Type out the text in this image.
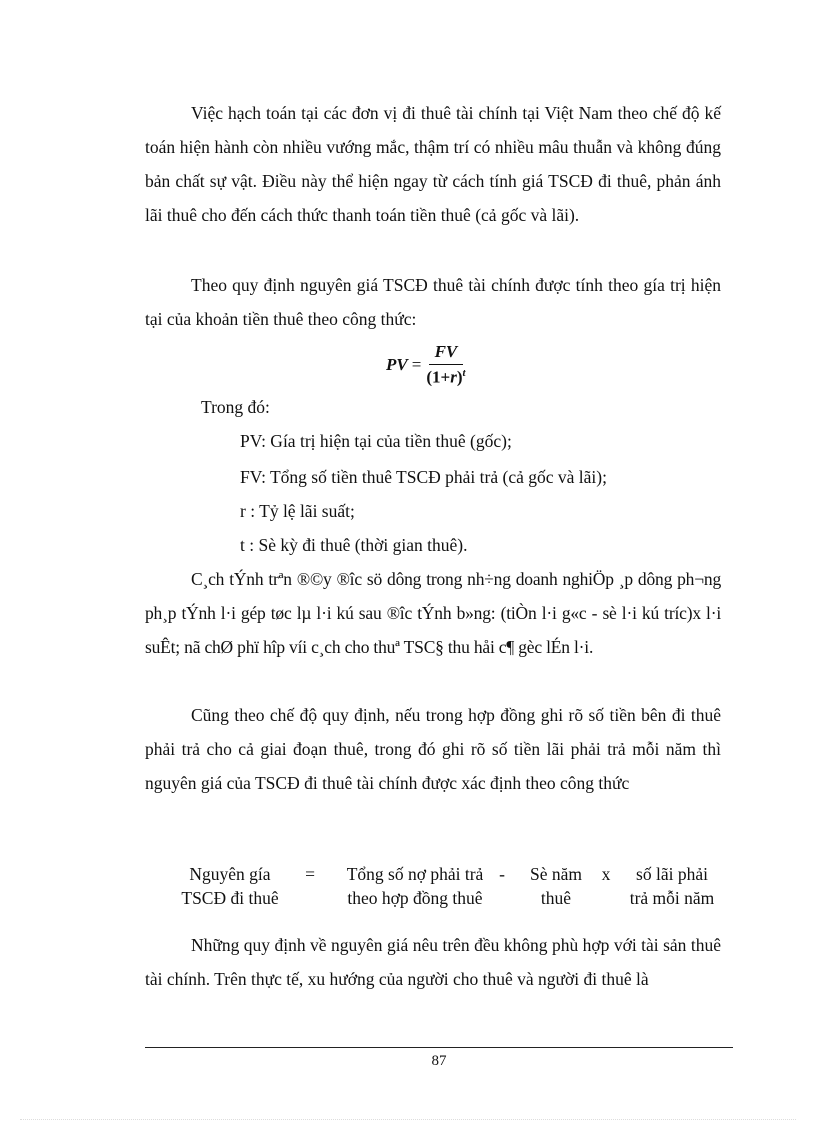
Việc hạch toán tại các đơn vị đi thuê tài chính tại Việt Nam theo chế độ kế toán hiện hành còn nhiều vướng mắc, thậm trí có nhiều mâu thuẫn và không đúng bản chất sự vật. Điều này thể hiện ngay từ cách tính giá TSCĐ đi thuê, phản ánh lãi thuê cho đến cách thức thanh toán tiền thuê (cả gốc và lãi).

Theo quy định nguyên giá TSCĐ thuê tài chính được tính theo gía trị hiện tại của khoản tiền thuê theo công thức:

PV = $\frac{FV}{(1+r)^t}$

Trong đó:

PV: Gía trị hiện tại của tiền thuê (gốc);

FV: Tổng số tiền thuê TSCĐ phải trả (cả gốc và lãi);

r : Tỷ lệ lãi suất;

t : Sè kỳ đi thuê (thời gian thuê).

C¸ch tÝnh trªn ®©y ®îc sö dông trong nh÷ng doanh nghiÖp ¸p dông ph¬ng ph¸p tÝnh l·i gép tøc lµ l·i kú sau ®îc tÝnh b»ng: (tiÒn l·i g«c - sè l·i kú tríc)x l·i suÊt; nã chØ phï hîp víi c¸ch cho thuª TSC§ thu håi c¶ gèc lÉn l·i.

Cũng theo chế độ quy định, nếu trong hợp đồng ghi rõ số tiền bên đi thuê phải trả cho cả giai đoạn thuê, trong đó ghi rõ số tiền lãi phải trả mỗi năm thì nguyên giá của TSCĐ đi thuê tài chính được xác định theo công thức

Nguyên gía

TSCĐ đi thuê

=	Tổng số nợ phải trả

theo hợp đồng thuê

-	Sè năm

thuê

x	số lãi phải

trả mỗi năm

Những quy định về nguyên giá nêu trên đều không phù hợp với tài sản thuê tài chính. Trên thực tế, xu hướng của người cho thuê và người đi thuê là

87
